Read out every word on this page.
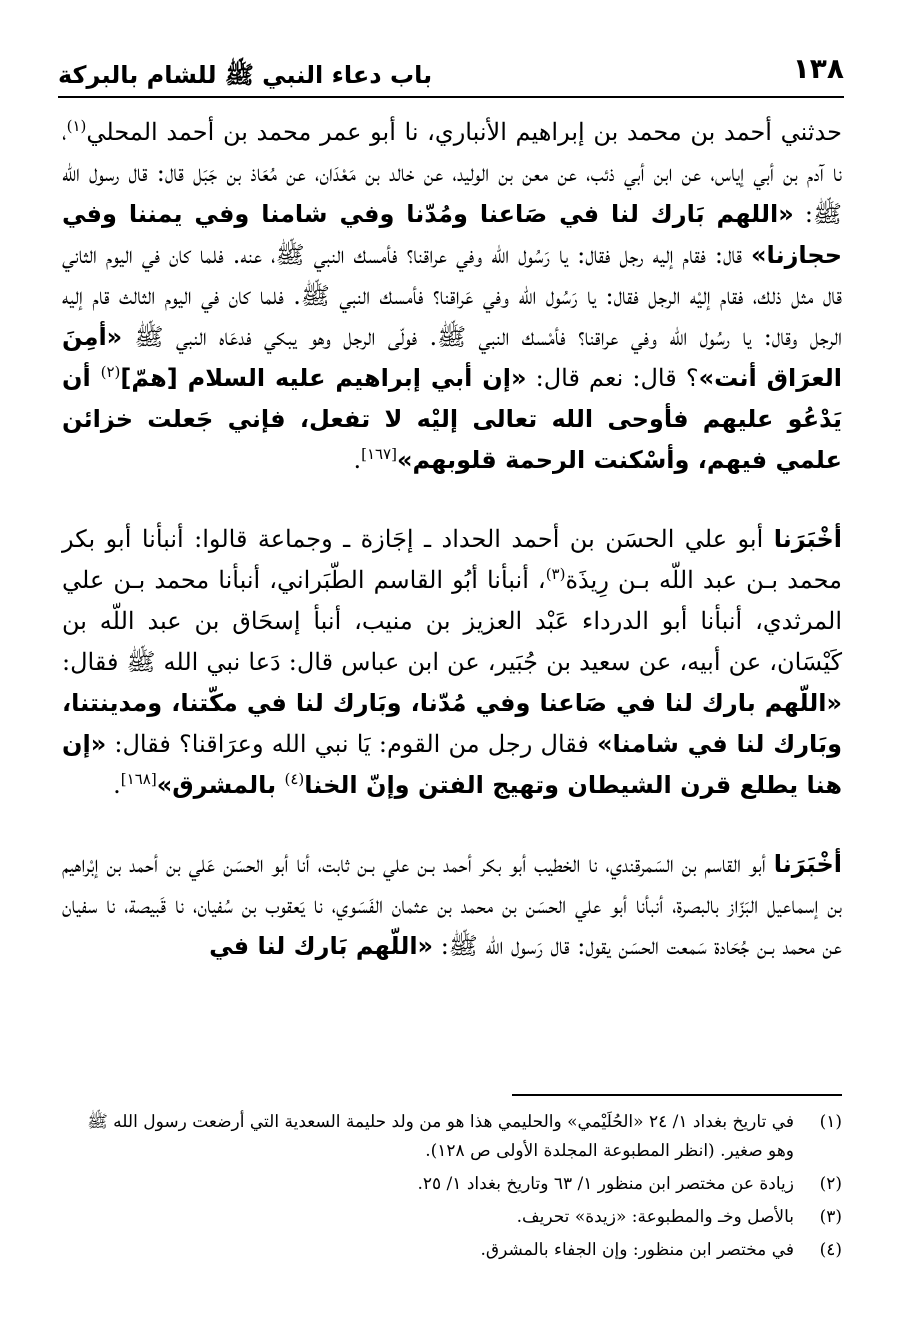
١٣٨
باب دعاء النبي ﷺ للشام بالبركة

حدثني أحمد بن محمد بن إبراهيم الأنباري، نا أبو عمر محمد بن أحمد المحلي$^{(١)}$، نا آدم بن أبي إياس، عن ابن أبي ذئب، عن معن بن الوليد، عن خالد بن مَعْدَان، عن مُعَاذ بن جَبَل قال: قال رسول الله ﷺ: «اللهم بَارك لنا في صَاعنا ومُدّنا وفي شامنا وفي يمننا وفي حجازنا» قال: فقام إليه رجل فقال: يا رَسُول الله وفي عراقنا؟ فأمسك النبي ﷺ، عنه. فلما كان في اليوم الثاني قال مثل ذلك، فقام إليْه الرجل فقال: يا رَسُول الله وفي عَراقنا؟ فأمسك النبي ﷺ. فلما كان في اليوم الثالث قام إليه الرجل وقال: يا رسُول الله وفي عراقنا؟ فأمْسك النبي ﷺ. فولّى الرجل وهو يبكي فدعَاه النبي ﷺ «أمِنَ العرَاق أنت»؟ قال: نعم قال: «إن أبي إبراهيم عليه السلام [همّ]$^{(٢)}$ أن يَدْعُو عليهم فأوحى الله تعالى إليْه لا تفعل، فإني جَعلت خزائن علمي فيهم، وأسْكنت الرحمة قلوبهم»[١٦٧].

أخْبَرَنا أبو علي الحسَن بن أحمد الحداد ـ إجَازة ـ وجماعة قالوا: أنبأنا أبو بكر محمد بـن عبد اللّه بـن رِيذَة$^{(٣)}$، أنبأنا أبُو القاسم الطّبَراني، أنبأنا محمد بـن علي المرثدي، أنبأنا أبو الدرداء عَبْد العزيز بن منيب، أنبأ إسحَاق بن عبد اللّه بن كَيْسَان، عن أبيه، عن سعيد بن جُبَير، عن ابن عباس قال: دَعا نبي الله ﷺ فقال: «اللّهم بارك لنا في صَاعنا وفي مُدّنا، وبَارك لنا في مكّتنا، ومدينتنا، وبَارك لنا في شامنا» فقال رجل من القوم: يَا نبي الله وعرَاقنا؟ فقال: «إن هنا يطلع قرن الشيطان وتهيج الفتن وإنّ الخنا$^{(٤)}$ بالمشرق»[١٦٨].

أخْبَرَنا أبو القاسم بن السَمرقندي، نا الخطيب أبو بكر أحمد بـن علي بـن ثابت، أنا أبو الحسَن عَلي بن أحمد بن إبْراهيم بن إسماعيل البَزّاز بالبصرة، أنبأنا أبو علي الحسَن بن محمد بن عثمان الفَسَوي، نا يَعقوب بن سُفيان، نا قَبيصة، نا سفيان عن محمد بـن جُحَادة سَمعت الحسَن يقول: قال رَسول الله ﷺ: «اللّهم بَارك لنا في

(١)
في تاريخ بغداد ١/ ٢٤ «الحُلَيْمي» والحليمي هذا هو من ولد حليمة السعدية التي أرضعت رسول الله ﷺ وهو صغير. (انظر المطبوعة المجلدة الأولى ص ١٢٨).
(٢)
زيادة عن مختصر ابن منظور ١/ ٦٣ وتاريخ بغداد ١/ ٢٥.
(٣)
بالأصل وخـ والمطبوعة: «زيدة» تحريف.
(٤)
في مختصر ابن منظور: وإن الجفاء بالمشرق.
